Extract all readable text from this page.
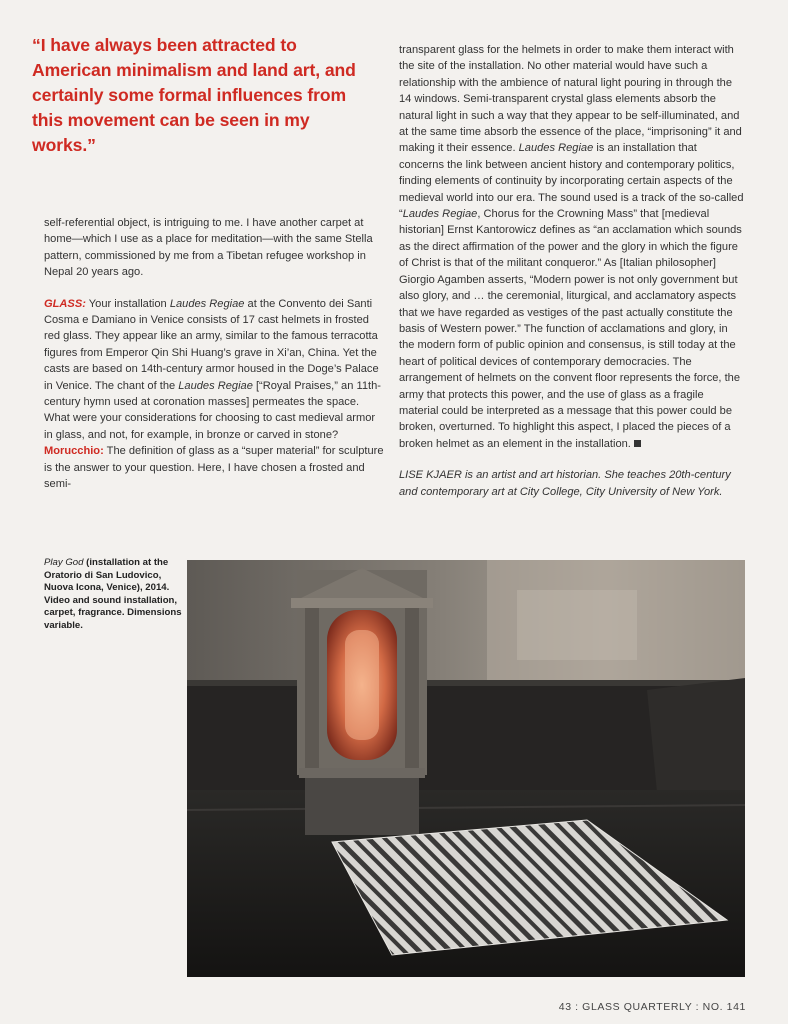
“I have always been attracted to American minimalism and land art, and certainly some formal influences from this movement can be seen in my works.”

self-referential object, is intriguing to me. I have another carpet at home—which I use as a place for meditation—with the same Stella pattern, commissioned by me from a Tibetan refugee workshop in Nepal 20 years ago.

GLASS: Your installation Laudes Regiae at the Convento dei Santi Cosma e Damiano in Venice consists of 17 cast helmets in frosted red glass. They appear like an army, similar to the famous terracotta figures from Emperor Qin Shi Huang’s grave in Xi’an, China. Yet the casts are based on 14th-century armor housed in the Doge’s Palace in Venice. The chant of the Laudes Regiae [“Royal Praises,” an 11th-century hymn used at coronation masses] permeates the space. What were your considerations for choosing to cast medieval armor in glass, and not, for example, in bronze or carved in stone?

Morucchio: The definition of glass as a “super material” for sculpture is the answer to your question. Here, I have chosen a frosted and semi-

transparent glass for the helmets in order to make them interact with the site of the installation. No other material would have such a relationship with the ambience of natural light pouring in through the 14 windows. Semi-transparent crystal glass elements absorb the natural light in such a way that they appear to be self-illuminated, and at the same time absorb the essence of the place, “imprisoning” it and making it their essence. Laudes Regiae is an installation that concerns the link between ancient history and contemporary politics, finding elements of continuity by incorporating certain aspects of the medieval world into our era. The sound used is a track of the so-called “Laudes Regiae, Chorus for the Crowning Mass” that [medieval historian] Ernst Kantorowicz defines as “an acclamation which sounds as the direct affirmation of the power and the glory in which the figure of Christ is that of the militant conqueror.” As [Italian philosopher] Giorgio Agamben asserts, “Modern power is not only government but also glory, and … the ceremonial, liturgical, and acclamatory aspects that we have regarded as vestiges of the past actually constitute the basis of Western power.” The function of acclamations and glory, in the modern form of public opinion and consensus, is still today at the heart of political devices of contemporary democracies. The arrangement of helmets on the convent floor represents the force, the army that protects this power, and the use of glass as a fragile material could be interpreted as a message that this power could be broken, overturned. To highlight this aspect, I placed the pieces of a broken helmet as an element in the installation.

LISE KJAER is an artist and art historian. She teaches 20th-century and contemporary art at City College, City University of New York.

Play God (installation at the Oratorio di San Ludovico, Nuova Icona, Venice), 2014. Video and sound installation, carpet, fragrance. Dimensions variable.

43 : GLASS QUARTERLY : NO. 141
